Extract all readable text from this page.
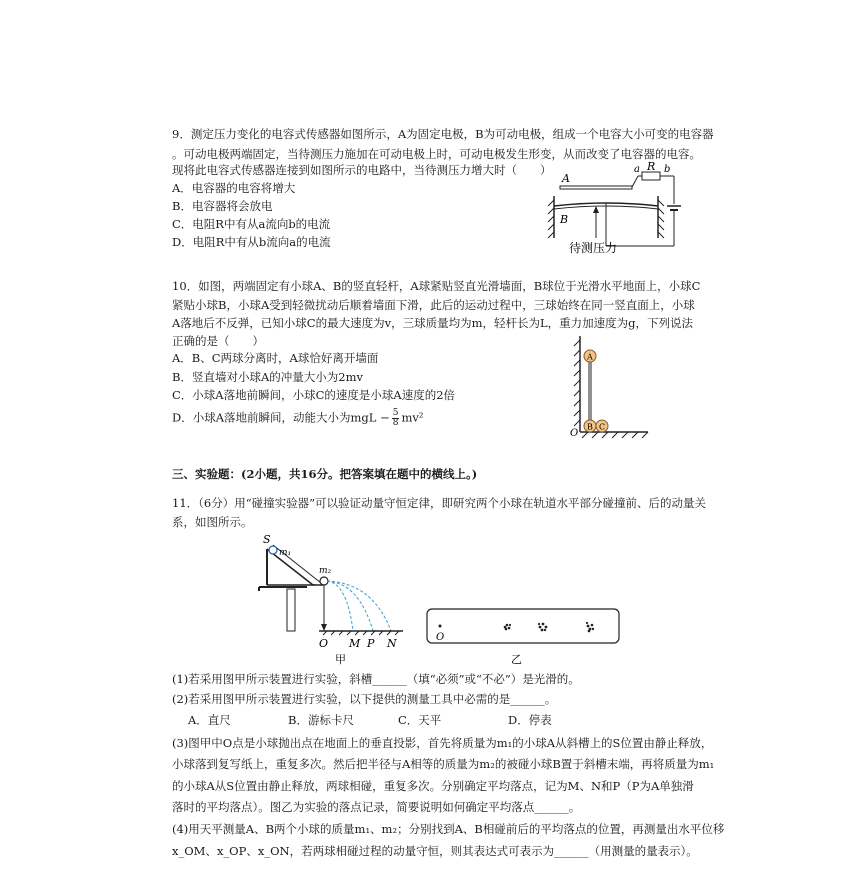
9．测定压力变化的电容式传感器如图所示，A为固定电极，B为可动电极，组成一个电容大小可变的电容器
。可动电极两端固定，当待测压力施加在可动电极上时，可动电极发生形变，从而改变了电容器的电容。
现将此电容式传感器连接到如图所示的电路中，当待测压力增大时（　　）
A．电容器的电容将增大
B．电容器将会放电
C．电阻R中有从a流向b的电流
D．电阻R中有从b流向a的电流
A
B
a R b
待测压力
10．如图，两端固定有小球A、B的竖直轻杆，A球紧贴竖直光滑墙面，B球位于光滑水平地面上，小球C
紧贴小球B，小球A受到轻微扰动后顺着墙面下滑，此后的运动过程中，三球始终在同一竖直面上，小球
A落地后不反弹，已知小球C的最大速度为v，三球质量均为m，轻杆长为L，重力加速度为g，下列说法
正确的是（　　）
A．B、C两球分离时，A球恰好离开墙面
B．竖直墙对小球A的冲量大小为2mv
C．小球A落地前瞬间，小球C的速度是小球A速度的2倍
D．小球A落地前瞬间，动能大小为mgL − $\frac{5}{8} mv^2$
A
B C
O
三、实验题：(2小题，共16分。把答案填在题中的横线上。)
11．（6分）用“碰撞实验器”可以验证动量守恒定律，即研究两个小球在轨道水平部分碰撞前、后的动量关
系，如图所示。
S
m₁
m₂
O M P N
甲
O
乙
(1)若采用图甲所示装置进行实验，斜槽______（填“必须”或“不必”）是光滑的。
(2)若采用图甲所示装置进行实验，以下提供的测量工具中必需的是______。
A．直尺	B．游标卡尺	C．天平	D．停表
(3)图甲中O点是小球抛出点在地面上的垂直投影，首先将质量为m₁的小球A从斜槽上的S位置由静止释放，
小球落到复写纸上，重复多次。然后把半径与A相等的质量为m₂的被碰小球B置于斜槽末端，再将质量为m₁
的小球A从S位置由静止释放，两球相碰，重复多次。分别确定平均落点，记为M、N和P（P为A单独滑
落时的平均落点）。图乙为实验的落点记录，简要说明如何确定平均落点______。
(4)用天平测量A、B两个小球的质量m₁、m₂；分别找到A、B相碰前后的平均落点的位置，再测量出水平位移
x_OM、x_OP、x_ON，若两球相碰过程的动量守恒，则其表达式可表示为______（用测量的量表示）。
